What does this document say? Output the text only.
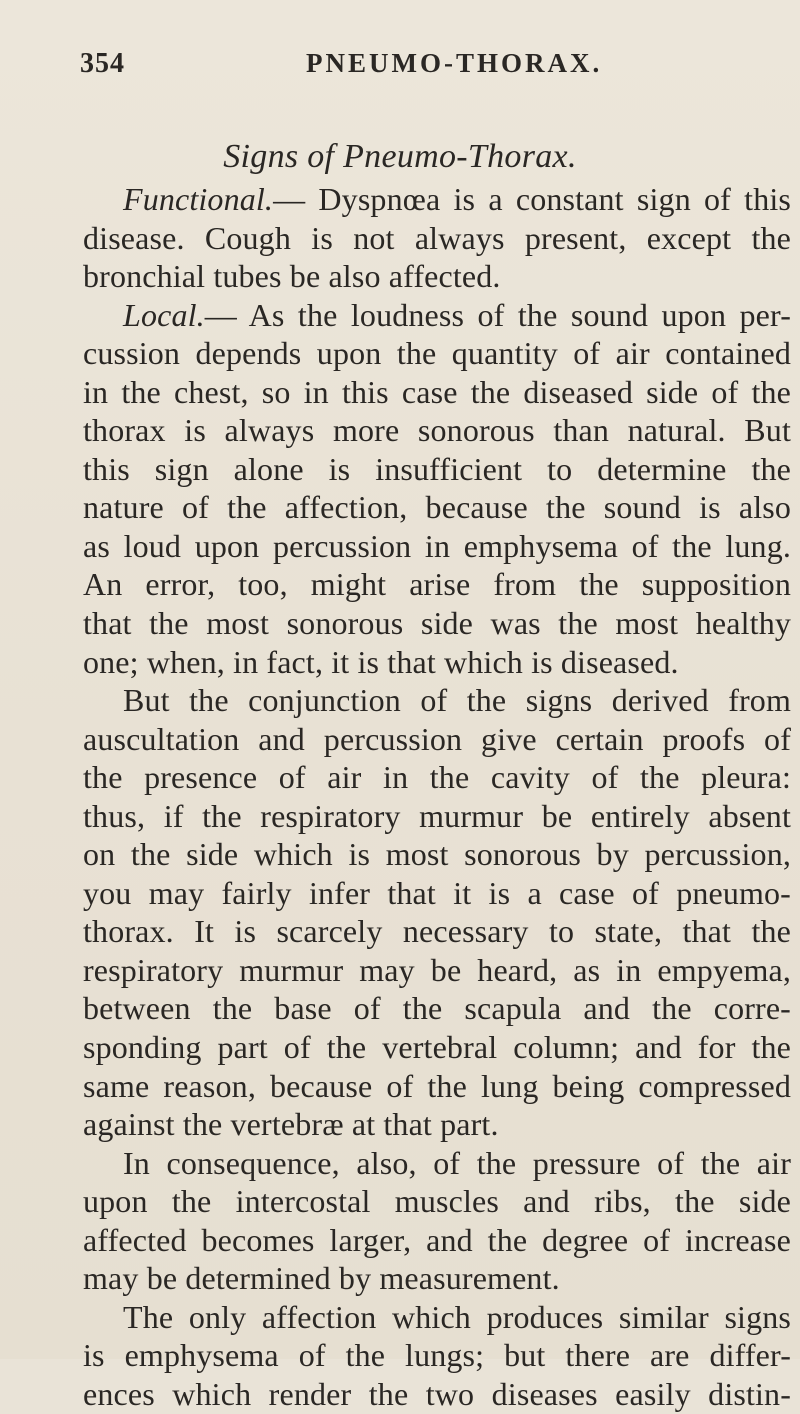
354	PNEUMO-THORAX.
Signs of Pneumo-Thorax.
Functional.— Dyspnœa is a constant sign of this
disease. Cough is not always present, except the
bronchial tubes be also affected.
Local.— As the loudness of the sound upon per-
cussion depends upon the quantity of air contained
in the chest, so in this case the diseased side of the
thorax is always more sonorous than natural. But
this sign alone is insufficient to determine the
nature of the affection, because the sound is also
as loud upon percussion in emphysema of the lung.
An error, too, might arise from the supposition
that the most sonorous side was the most healthy
one; when, in fact, it is that which is diseased.
But the conjunction of the signs derived from
auscultation and percussion give certain proofs of
the presence of air in the cavity of the pleura:
thus, if the respiratory murmur be entirely absent
on the side which is most sonorous by percussion,
you may fairly infer that it is a case of pneumo-
thorax. It is scarcely necessary to state, that the
respiratory murmur may be heard, as in empyema,
between the base of the scapula and the corre-
sponding part of the vertebral column; and for the
same reason, because of the lung being compressed
against the vertebræ at that part.
In consequence, also, of the pressure of the air
upon the intercostal muscles and ribs, the side
affected becomes larger, and the degree of increase
may be determined by measurement.
The only affection which produces similar signs
is emphysema of the lungs; but there are differ-
ences which render the two diseases easily distin-
